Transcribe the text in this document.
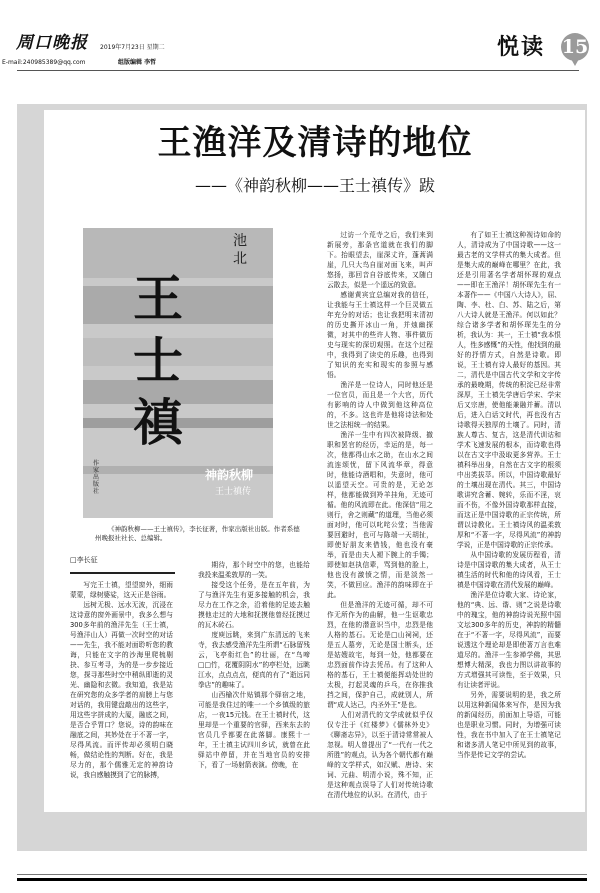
周口晚报 2019年7月23日 星期二
E-mail:240985389@qq.com	组版编辑 李哲
悦读 15
王渔洋及清诗的地位
——《神韵秋柳——王士禛传》跋
池北
王士禛
神韵秋柳
王士禛传
作家出版社
《神韵秋柳——王士禛传》，李长征著，作家出版社出版。作者系德州晚报社社长、总编辑。
□李长征

写完王士禛，望望窗外，细雨蒙蒙，绿树婆娑，这天正是谷雨。

远树无极、远水无波，沉浸在这诗意的窗外画景中，我多么想与300多年前的渔洋先生（王士禛，号渔洋山人）再做一次时空的对话——先生，我不能对面聆听您的教诲，只能在文字的沙海里爬梳剔抉、参互考寻，为的是一步步接近您，探寻那些时空中稍纵即逝的灵光、幽隐和玄微。我知道，我是站在研究您的众多学者的肩膀上与您对话的，我用键盘敲出的这些字，用这些字拼成的大厦，融底之间，是否合乎胃口？您说，诗的韵味在融底之间，其妙处在于不著一字，尽得风流。而评传却必须明白晓畅，做结论性的判断。好在，我是尽力的，那个儒雅无定的神韵诗说，我自感触摸到了它的脉搏，

期待，那个时空中的您，也能给我投来温柔敦厚的一笑。

接受这个任务，是在五年前，为了与渔洋先生有更多接触的机会，我尽力在工作之余，沿着他的足迹去触摸他走过的大地和抚摸他曾经抚摸过的瓦木砖石。

度庾远眺，来到广东清远的飞来寺，我去感受渔洋先生所谓“石脉留残云，飞亭衔红色”的壮丽，在“鸟啼□□竹，花覆阴阴水”的亭栏处，远眺江水，点点点点，便真的有了“逝远同拳店”的趣味了。

山西榆次什贴镇那个驿宿之地，可能是我住过的唯一一个乡镇级的旅店，一夜15元钱。在王士禛时代，这里却是一个重要的官驿，西来东去的官员几乎都要在此落脚。康熙十一年，王士禛主试四川乡试，就曾在此驿站中停留，并在当地官员的安排下，看了一场射箭表演。傍晚，在

过访一个荒寺之后，我们来到新展旁，那条官道就在我们的脚下。抬眼望去，崖深丈许，蓬蒿满崖，几只大鸟自崖对面飞来，叫声悠扬，那回音自谷底传来，又随白云散去，似是一个遥远的致意。

感谢黄宾宜总编对我的信任，让我能与王士禛这样一个巨灵做五年充分的对话；也让我把明末清初的历史撕开冰山一角，并烛幽探微，对其中的些许人物、事件做历史与现实的深切观照。在这个过程中，我得到了读史的乐趣，也得到了知识的充实和现实的参照与感悟。

渔洋是一位诗人，同时他还是一位官员，而且是一个大官，历代有影响的诗人中做到他这种高位的，不多。这也许是他将诗法和处世之法相统一的结果。

渔洋一生中有四次被降级、撤职和罢官的经历，幸运的是，每一次，他都得山水之助，在山水之间流连颂忧，留下风流华章，得意时，他能诗酒唱和，失意时，他可以遥望天空。可贵的是，无论怎样，他都能做到羚羊挂角，无迹可循。他的风流即在此。他深信“用之则行，舍之则藏”的道理，当他必须面对时，他可以叱咤公堂；当他需要回避时，也可与陈端一天胡扯，即使好朋友来借钱，他也没有豪举，而是由夫人褪下腕上的手镯；即使如赵执信辈，骂到他的脸上，他也没有激愤之情，而是淡然一笑，不做回应。渔洋的韵味即在于此。

但是渔洋的无迹可循，却不可作无所作为的曲解，他一生讴歌忠烈，在他的潜意识当中，忠烈是他人格的基石。无论是□山祠祠，还是五人墓旁，无论是国士断头，还是姑嫂故宅，每到一处，他都要在忠烈面前作诗去凭吊。有了这种人格的基石，王士禛便能挥动处世的太极，打起灵魂的乒乓，在你推我挡之间，保护自己，成就别人，所谓“成人达己，内圣外王”是也。

人们对清代的文学成就似乎仅仅专注于《红楼梦》《儒林外史》《聊斋志异》，以至于清诗常常被人忽视。明人曾提出了“一代有一代之所胜”的观点，认为各个朝代都有巅峰的文学样式，如汉赋、唐诗、宋词、元曲、明清小说，殊不知，正是这种观点误导了人们对传统诗歌在清代地位的认识。在清代，由于

有了如王士禛这种视诗如命的人，清诗成为了中国诗歌——这一最古老的文学样式的集大成者。但是集大成的巅峰在哪里？在此，我还是引用著名学者胡怀琛的观点——即在王渔洋！胡怀琛先生有一本著作——《中国八大诗人》，屈、陶、李、杜、白、苏、陆之后，第八大诗人就是王渔洋。何以如此？综合诸多学者和胡怀琛先生的分析，我认为：其一，王士禛“我本恨人，性多感慨”的天性，他找到的最好的抒情方式，自然是诗歌。即说，王士禛有诗人最好的基因。其二，清代是中国古代文学和文字传承的最晚期，传统的积淀已经非常深厚，王士禛先学唐后学宋、学宋后又宗唐，使他能兼融并蓄。清以后，进入白话文时代，再也没有古诗歌得天独厚的土壤了。同时，清族人尊古、复古，这是清代训诂和学术飞速发展的根本，而诗歌也得以在古文字中汲取更多营养。王士禛科举出身，自然在古文字的根须中出类拔萃。所以，中国诗歌最好的土壤出现在清代。其三，中国诗歌讲究含蓄、婉转，乐而不淫，哀而不伤，不像外国诗歌那样直接，而这正是中国诗歌的正宗传统，所谓以诗教化。王士禛诗风的温柔敦厚和“不著一字，尽得风流”的神韵学说，正是中国诗歌的正宗传承。

从中国诗歌的发展历程看，清诗是中国诗歌的集大成者，从王士禛生活的时代和他的诗风看，王士禛是中国诗歌在清代发展的巅峰。

渔洋是位诗歌大家、诗论家，他的“典、远、谐、则”之说是诗歌中的瑰宝，他的神韵诗说光照中国文坛300多年的历史，神韵的精髓在于“不著一字，尽得风流”，而要说透这个理论却是即使著万言也难道尽的。渔洋一生参禅学佛，其思想博大精深，我也力图以讲故事的方式增强其可读性，至于效果，只有让读者评说。

另外，需要说明的是，我之所以用这种新闻体来写作，是因为我的新闻经历，前面加上导语，可能也是职业习惯。同时，为增强可读性，我在书中加入了在王士禛笔记和诸多清人笔记中所见到的故事，当作是传记文学的尝试。
